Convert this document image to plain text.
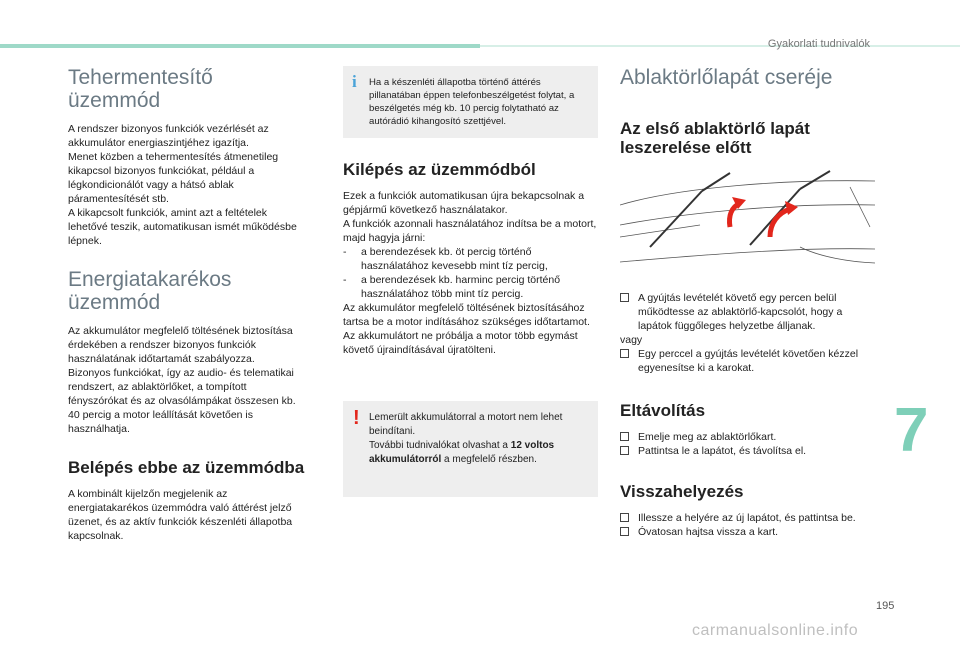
Gyakorlati tudnivalók
Tehermentesítő üzemmód

A rendszer bizonyos funkciók vezérlését az akkumulátor energiaszintjéhez igazítja.

Menet közben a tehermentesítés átmenetileg kikapcsol bizonyos funkciókat, például a légkondicionálót vagy a hátsó ablak páramentesítését stb.

A kikapcsolt funkciók, amint azt a feltételek lehetővé teszik, automatikusan ismét működésbe lépnek.

Energiatakarékos üzemmód

Az akkumulátor megfelelő töltésének biztosítása érdekében a rendszer bizonyos funkciók használatának időtartamát szabályozza.

Bizonyos funkciókat, így az audio- és telematikai rendszert, az ablaktörlőket, a tompított fényszórókat és az olvasólámpákat összesen kb. 40 percig a motor leállítását követően is használhatja.

Belépés ebbe az üzemmódba

A kombinált kijelzőn megjelenik az energiatakarékos üzemmódra való áttérést jelző üzenet, és az aktív funkciók készenléti állapotba kapcsolnak.

i Ha a készenléti állapotba történő áttérés pillanatában éppen telefonbeszélgetést folytat, a beszélgetés még kb. 10 percig folytatható az autórádió kihangosító szettjével.
Kilépés az üzemmódból

Ezek a funkciók automatikusan újra bekapcsolnak a gépjármű következő használatakor.

A funkciók azonnali használatához indítsa be a motort, majd hagyja járni:

- a berendezések kb. öt percig történő használatához kevesebb mint tíz percig,
- a berendezések kb. harminc percig történő használatához több mint tíz percig.

Az akkumulátor megfelelő töltésének biztosításához tartsa be a motor indításához szükséges időtartamot.

Az akkumulátort ne próbálja a motor több egymást követő újraindításával újratölteni.

! Lemerült akkumulátorral a motort nem lehet beindítani.
További tudnivalókat olvashat a 12 voltos akkumulátorról a megfelelő részben.
Ablaktörlőlapát cseréje
Az első ablaktörlő lapát leszerelése előtt
A gyújtás levételét követő egy percen belül működtesse az ablaktörlő-kapcsolót, hogy a lapátok függőleges helyzetbe álljanak.

vagy

Egy perccel a gyújtás levételét követően kézzel egyenesítse ki a karokat.
Eltávolítás
Emelje meg az ablaktörlőkart.
Pattintsa le a lapátot, és távolítsa el.
Visszahelyezés
Illessze a helyére az új lapátot, és pattintsa be.
Óvatosan hajtsa vissza a kart.
7
195
carmanualsonline.info
